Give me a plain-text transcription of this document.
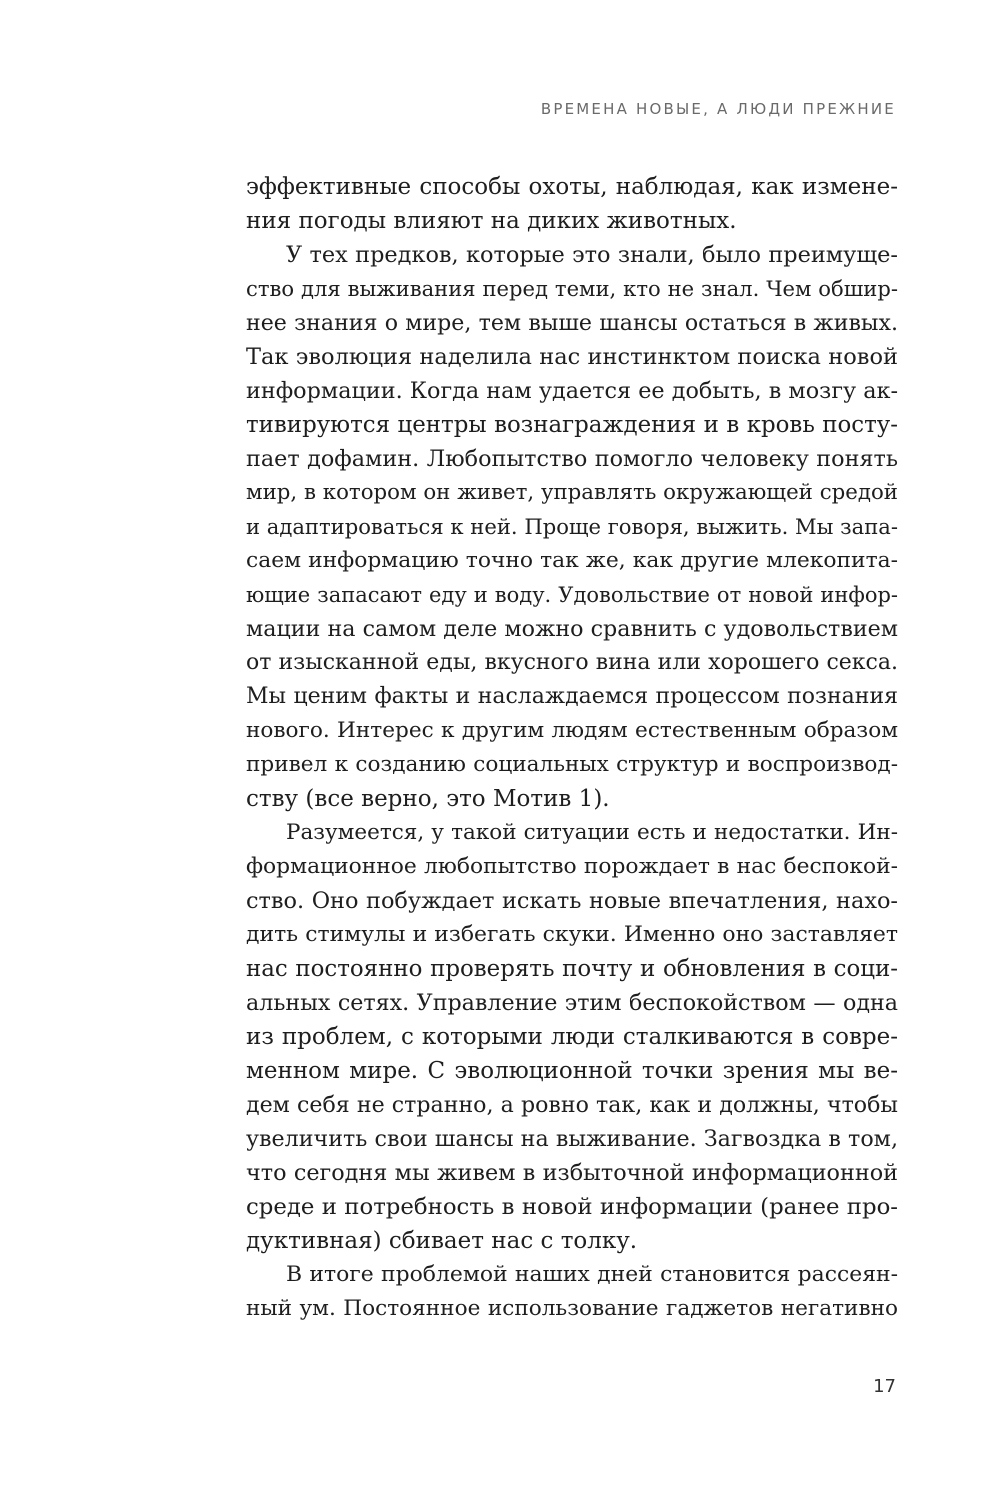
ВРЕМЕНА НОВЫЕ, А ЛЮДИ ПРЕЖНИЕ
эффективные способы охоты, наблюдая, как измене-
ния погоды влияют на диких животных.
У тех предков, которые это знали, было преимуще-
ство для выживания перед теми, кто не знал. Чем обшир-
нее знания о мире, тем выше шансы остаться в живых.
Так эволюция наделила нас инстинктом поиска новой
информации. Когда нам удается ее добыть, в мозгу ак-
тивируются центры вознаграждения и в кровь посту-
пает дофамин. Любопытство помогло человеку понять
мир, в котором он живет, управлять окружающей средой
и адаптироваться к ней. Проще говоря, выжить. Мы запа-
саем информацию точно так же, как другие млекопита-
ющие запасают еду и воду. Удовольствие от новой инфор-
мации на самом деле можно сравнить с удовольствием
от изысканной еды, вкусного вина или хорошего секса.
Мы ценим факты и наслаждаемся процессом познания
нового. Интерес к другим людям естественным образом
привел к созданию социальных структур и воспроизвод-
ству (все верно, это Мотив 1).
Разумеется, у такой ситуации есть и недостатки. Ин-
формационное любопытство порождает в нас беспокой-
ство. Оно побуждает искать новые впечатления, нахо-
дить стимулы и избегать скуки. Именно оно заставляет
нас постоянно проверять почту и обновления в соци-
альных сетях. Управление этим беспокойством — одна
из проблем, с которыми люди сталкиваются в совре-
менном мире. С эволюционной точки зрения мы ве-
дем себя не странно, а ровно так, как и должны, чтобы
увеличить свои шансы на выживание. Загвоздка в том,
что сегодня мы живем в избыточной информационной
среде и потребность в новой информации (ранее про-
дуктивная) сбивает нас с толку.
В итоге проблемой наших дней становится рассеян-
ный ум. Постоянное использование гаджетов негативно
17
